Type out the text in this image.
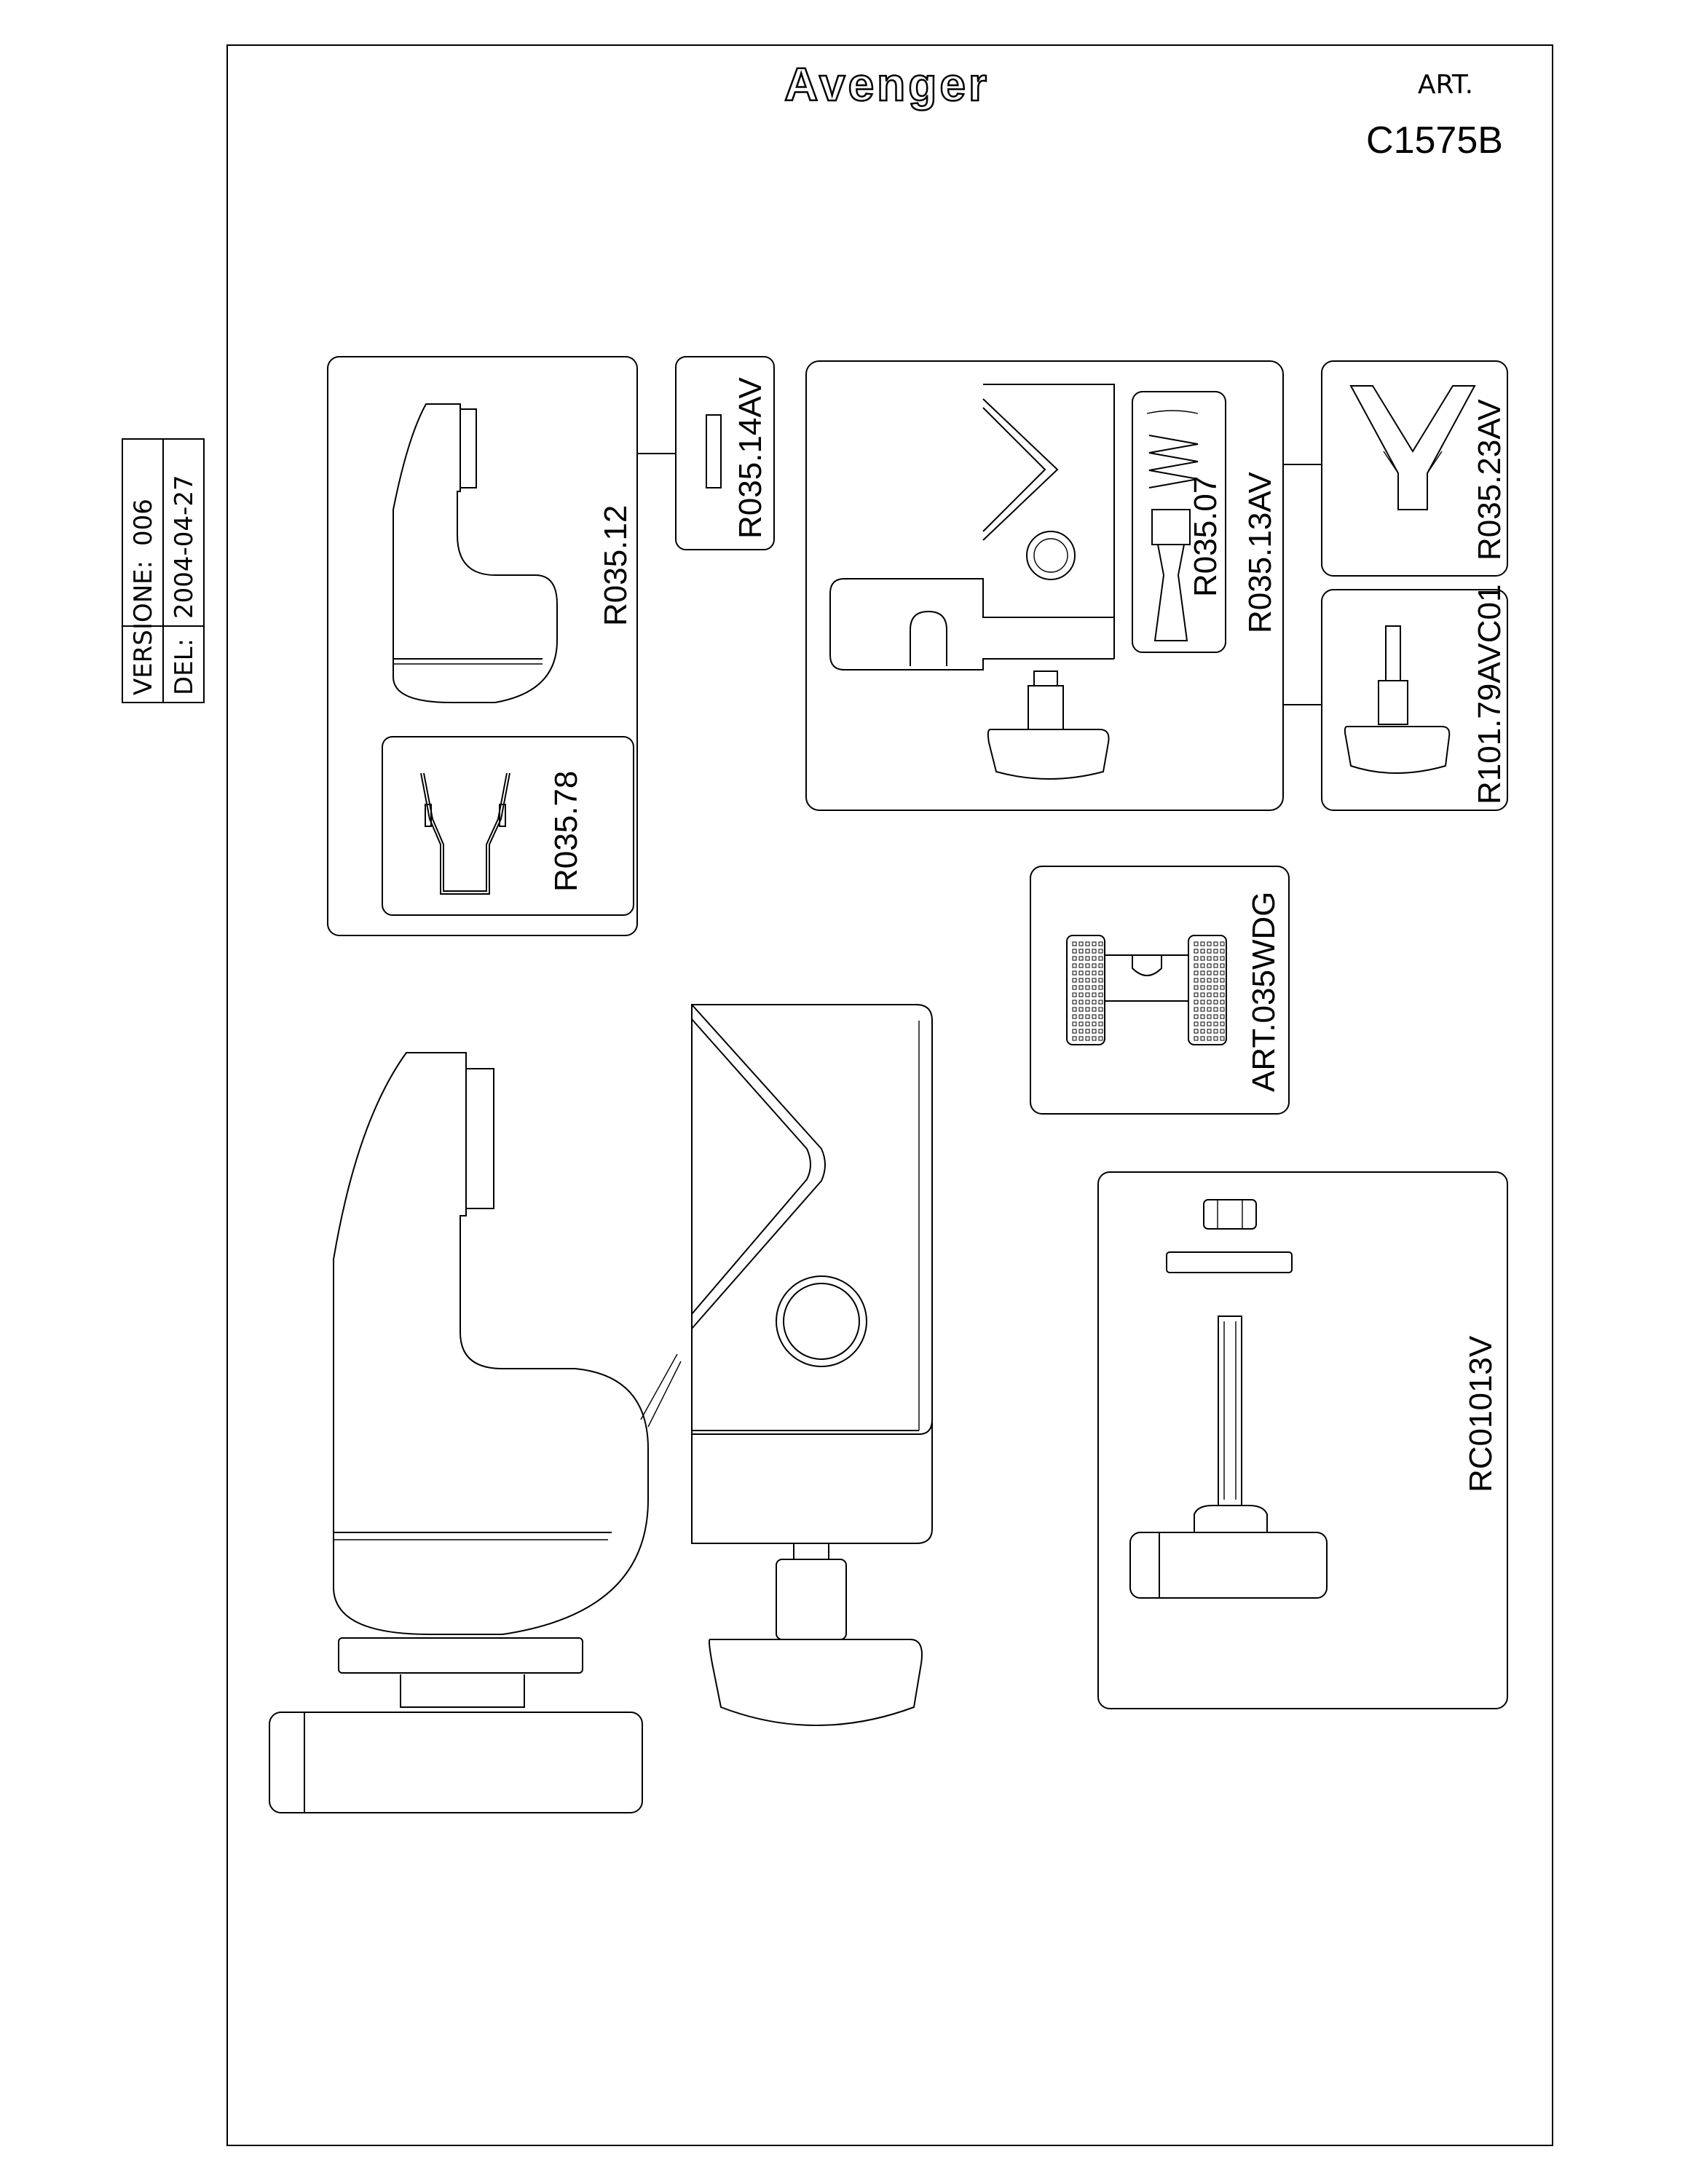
Avenger	ART.
C1575B
VERSIONE:
006
DEL:
2004-04-27	R035.12
R035.78
R035.14AV	R035.07 R035.13AV	R035.23AV
R101.79AVC01
ART.035WDG
RC01013V
